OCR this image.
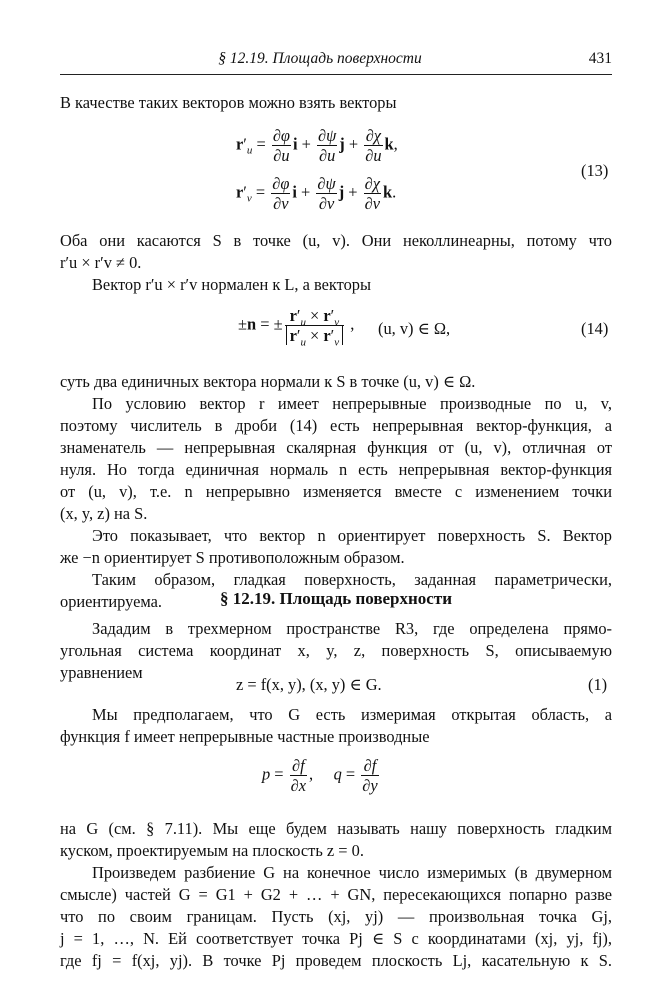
§ 12.19. Площадь поверхности	431
В качестве таких векторов можно взять векторы
$r'_u = \frac{\partial\varphi}{\partial u}$ $i + \frac{\partial\psi}{\partial u}$ $j + \frac{\partial\chi}{\partial u} k$,
$r'_v = \frac{\partial\varphi}{\partial v}$ $i + \frac{\partial\psi}{\partial v}$ $j + \frac{\partial\chi}{\partial v} k$.
(13)
Оба они касаются S в точке (u, v). Они неколлинеарны, потому что
r′u × r′v ≠ 0.
Вектор r′u × r′v нормален к L, а векторы
±n = ± $\frac{r'_u \times r'_v}{r'_u \times r'_v}$ , (u, v) ∈ Ω,	(14)
суть два единичных вектора нормали к S в точке (u, v) ∈ Ω.
По условию вектор r имеет непрерывные производные по u, v,
поэтому числитель в дроби (14) есть непрерывная вектор-функция, а
знаменатель — непрерывная скалярная функция от (u, v), отличная от
нуля. Но тогда единичная нормаль n есть непрерывная вектор-функция
от (u, v), т.е. n непрерывно изменяется вместе с изменением точки
(x, y, z) на S.
Это показывает, что вектор n ориентирует поверхность S. Вектор
же −n ориентирует S противоположным образом.
Таким образом, гладкая поверхность, заданная параметрически,
ориентируема.	§ 12.19. Площадь поверхности
Зададим в трехмерном пространстве R3, где определена прямо-
угольная система координат x, y, z, поверхность S, описываемую
уравнением
z = f(x, y), (x, y) ∈ G.	(1)
Мы предполагаем, что G есть измеримая открытая область, а
функция f имеет непрерывные частные производные
$p = \frac{\partial f}{\partial x}$ ,     $q = \frac{\partial f}{\partial y}$
на G (см. § 7.11). Мы еще будем называть нашу поверхность гладким
куском, проектируемым на плоскость z = 0.
Произведем разбиение G на конечное число измеримых (в двумерном
смысле) частей G = G1 + G2 + … + GN, пересекающихся попарно разве
что по своим границам. Пусть (xj, yj) — произвольная точка Gj,
j = 1, …, N. Ей соответствует точка Pj ∈ S с координатами (xj, yj, fj),
где fj = f(xj, yj). В точке Pj проведем плоскость Lj, касательную к S.
